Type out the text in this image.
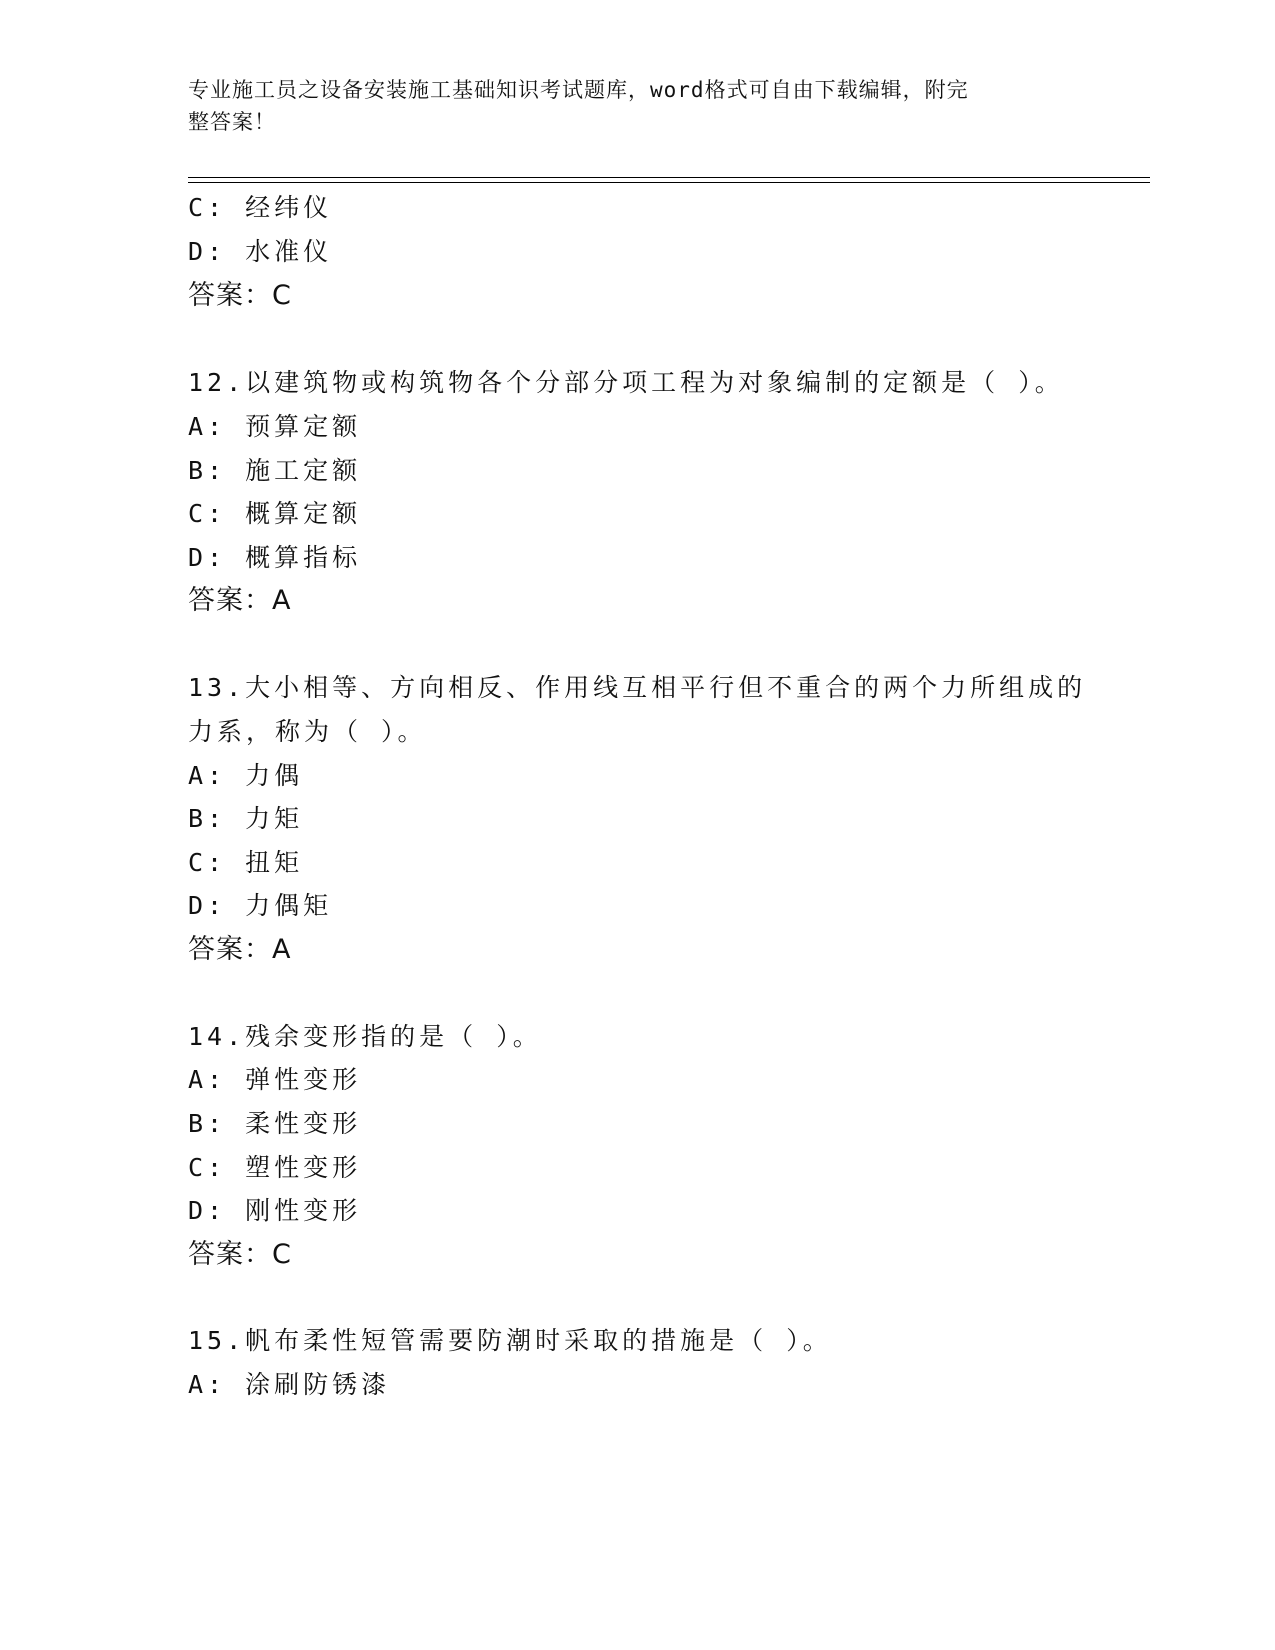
专业施工员之设备安装施工基础知识考试题库，word格式可自由下载编辑，附完
整答案！
C: 经纬仪
D: 水准仪
答案：C
12.以建筑物或构筑物各个分部分项工程为对象编制的定额是（ ）。
A: 预算定额
B: 施工定额
C: 概算定额
D: 概算指标
答案：A
13.大小相等、方向相反、作用线互相平行但不重合的两个力所组成的
力系，称为（ ）。
A: 力偶
B: 力矩
C: 扭矩
D: 力偶矩
答案：A
14.残余变形指的是（ ）。
A: 弹性变形
B: 柔性变形
C: 塑性变形
D: 刚性变形
答案：C
15.帆布柔性短管需要防潮时采取的措施是（ ）。
A: 涂刷防锈漆
